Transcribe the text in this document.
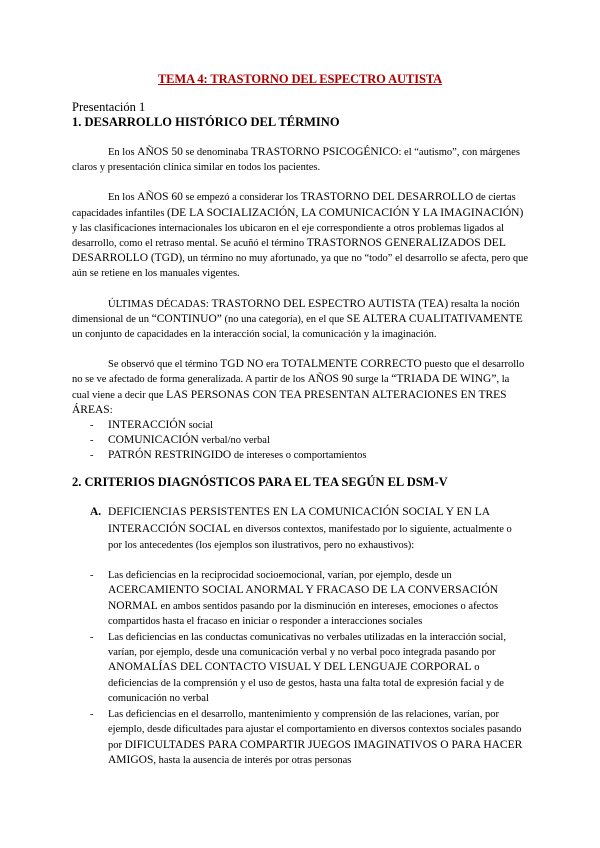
TEMA 4: TRASTORNO DEL ESPECTRO AUTISTA
Presentación 1
1. DESARROLLO HISTÓRICO DEL TÉRMINO

En los AÑOS 50 se denominaba TRASTORNO PSICOGÉNICO: el “autismo”, con márgenes claros y presentación clínica similar en todos los pacientes.

En los AÑOS 60 se empezó a considerar los TRASTORNO DEL DESARROLLO de ciertas capacidades infantiles (DE LA SOCIALIZACIÓN, LA COMUNICACIÓN Y LA IMAGINACIÓN) y las clasificaciones internacionales los ubicaron en el eje correspondiente a otros problemas ligados al desarrollo, como el retraso mental. Se acuñó el término TRASTORNOS GENERALIZADOS DEL DESARROLLO (TGD), un término no muy afortunado, ya que no “todo” el desarrollo se afecta, pero que aún se retiene en los manuales vigentes.

ÚLTIMAS DÉCADAS: TRASTORNO DEL ESPECTRO AUTISTA (TEA) resalta la noción dimensional de un “CONTINUO” (no una categoría), en el que SE ALTERA CUALITATIVAMENTE un conjunto de capacidades en la interacción social, la comunicación y la imaginación.

Se observó que el término TGD NO era TOTALMENTE CORRECTO puesto que el desarrollo no se ve afectado de forma generalizada. A partir de los AÑOS 90 surge la “TRIADA DE WING”, la cual viene a decir que LAS PERSONAS CON TEA PRESENTAN ALTERACIONES EN TRES ÁREAS:

- INTERACCIÓN social
- COMUNICACIÓN verbal/no verbal
- PATRÓN RESTRINGIDO de intereses o comportamientos
2. CRITERIOS DIAGNÓSTICOS PARA EL TEA SEGÚN EL DSM-V
A. DEFICIENCIAS PERSISTENTES EN LA COMUNICACIÓN SOCIAL Y EN LA INTERACCIÓN SOCIAL en diversos contextos, manifestado por lo siguiente, actualmente o por los antecedentes (los ejemplos son ilustrativos, pero no exhaustivos):
- Las deficiencias en la reciprocidad socioemocional, varían, por ejemplo, desde un ACERCAMIENTO SOCIAL ANORMAL Y FRACASO DE LA CONVERSACIÓN NORMAL en ambos sentidos pasando por la disminución en intereses, emociones o afectos compartidos hasta el fracaso en iniciar o responder a interacciones sociales
- Las deficiencias en las conductas comunicativas no verbales utilizadas en la interacción social, varían, por ejemplo, desde una comunicación verbal y no verbal poco integrada pasando por ANOMALÍAS DEL CONTACTO VISUAL Y DEL LENGUAJE CORPORAL o deficiencias de la comprensión y el uso de gestos, hasta una falta total de expresión facial y de comunicación no verbal
- Las deficiencias en el desarrollo, mantenimiento y comprensión de las relaciones, varían, por ejemplo, desde dificultades para ajustar el comportamiento en diversos contextos sociales pasando por DIFICULTADES PARA COMPARTIR JUEGOS IMAGINATIVOS O PARA HACER AMIGOS, hasta la ausencia de interés por otras personas
